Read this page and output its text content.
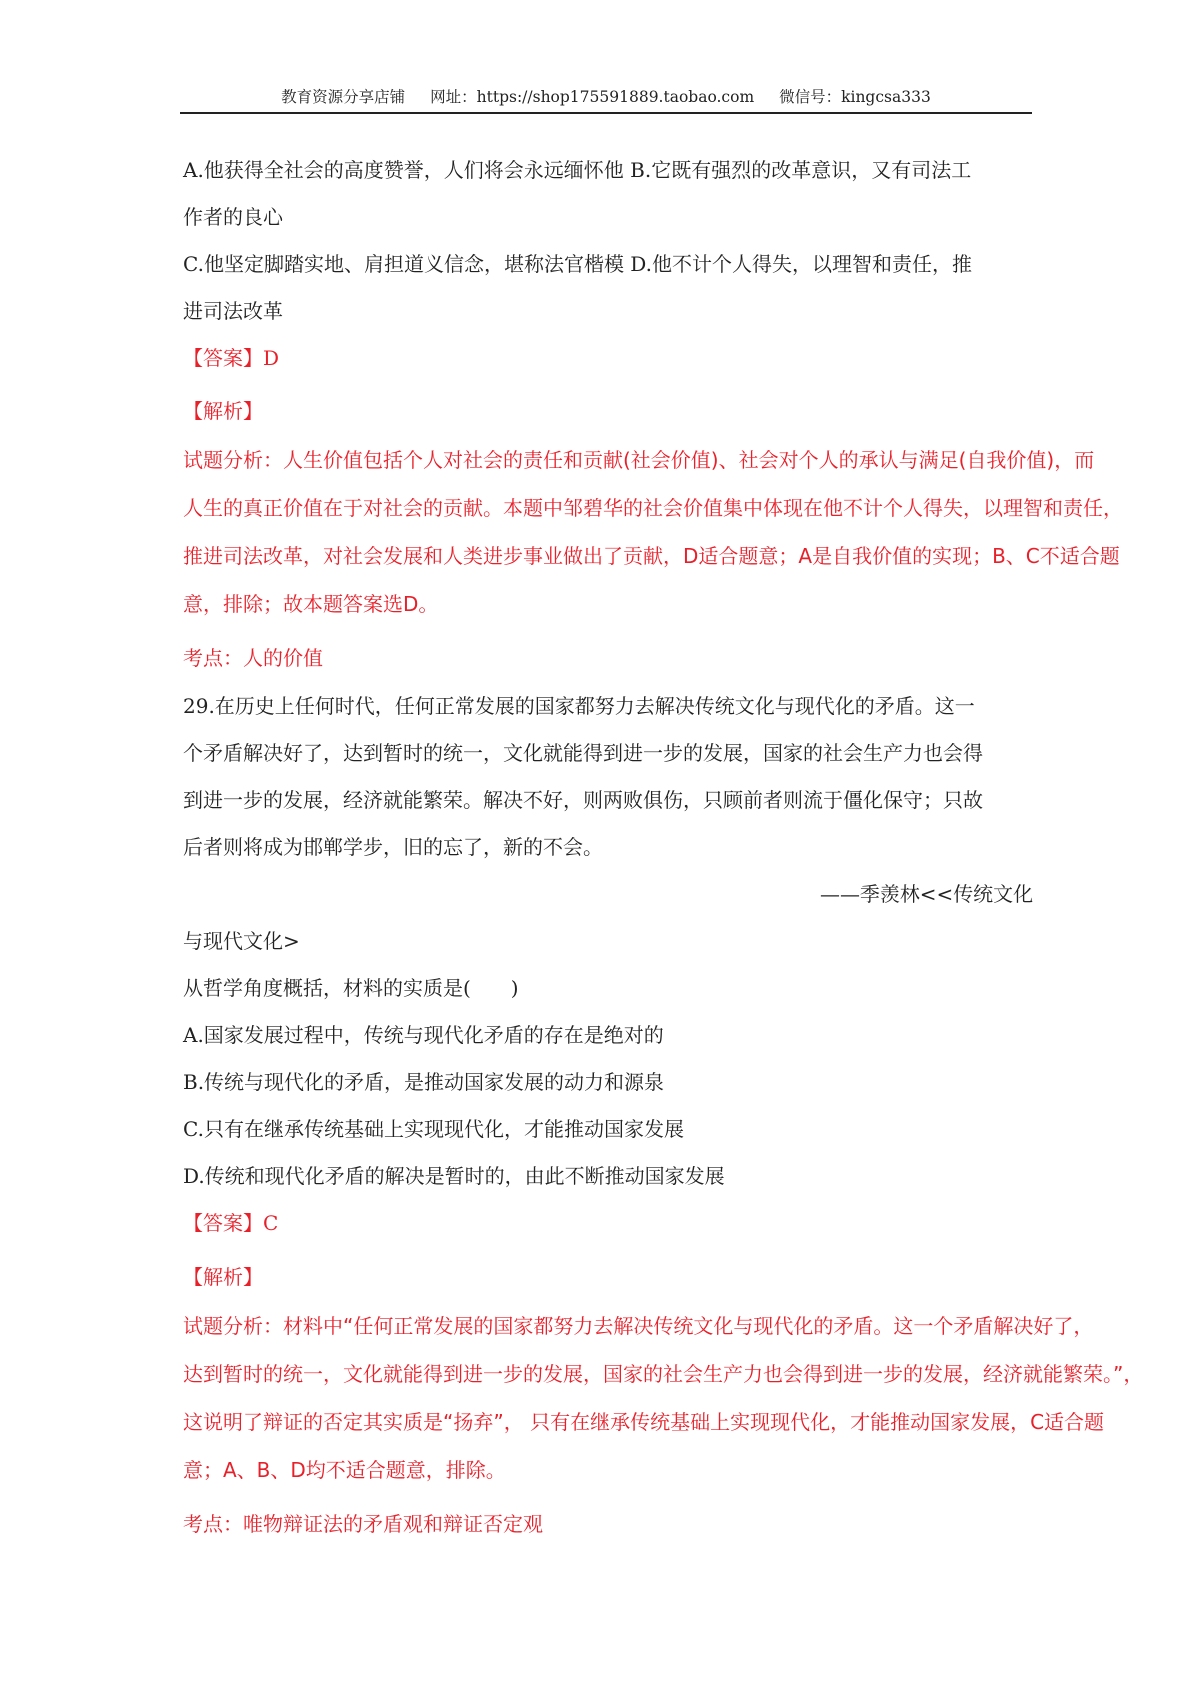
教育资源分享店铺 网址：https://shop175591889.taobao.com 微信号：kingcsa333
A.他获得全社会的高度赞誉，人们将会永远缅怀他 B.它既有强烈的改革意识，又有司法工
作者的良心
C.他坚定脚踏实地、肩担道义信念，堪称法官楷模 D.他不计个人得失，以理智和责任，推
进司法改革
【答案】D
【解析】
试题分析：人生价值包括个人对社会的责任和贡献(社会价值)、社会对个人的承认与满足(自我价值)，而
人生的真正价值在于对社会的贡献。本题中邹碧华的社会价值集中体现在他不计个人得失，以理智和责任，
推进司法改革，对社会发展和人类进步事业做出了贡献，D适合题意；A是自我价值的实现；B、C不适合题
意，排除；故本题答案选D。
考点：人的价值
29.在历史上任何时代，任何正常发展的国家都努力去解决传统文化与现代化的矛盾。这一
个矛盾解决好了，达到暂时的统一，文化就能得到进一步的发展，国家的社会生产力也会得
到进一步的发展，经济就能繁荣。解决不好，则两败俱伤，只顾前者则流于僵化保守；只故
后者则将成为邯郸学步，旧的忘了，新的不会。
——季羡林<<传统文化
与现代文化>
从哲学角度概括，材料的实质是(　　)
A.国家发展过程中，传统与现代化矛盾的存在是绝对的
B.传统与现代化的矛盾，是推动国家发展的动力和源泉
C.只有在继承传统基础上实现现代化，才能推动国家发展
D.传统和现代化矛盾的解决是暂时的，由此不断推动国家发展
【答案】C
【解析】
试题分析：材料中“任何正常发展的国家都努力去解决传统文化与现代化的矛盾。这一个矛盾解决好了，
达到暂时的统一，文化就能得到进一步的发展，国家的社会生产力也会得到进一步的发展，经济就能繁荣。”，
这说明了辩证的否定其实质是“扬弃”， 只有在继承传统基础上实现现代化，才能推动国家发展，C适合题
意；A、B、D均不适合题意，排除。
考点：唯物辩证法的矛盾观和辩证否定观
